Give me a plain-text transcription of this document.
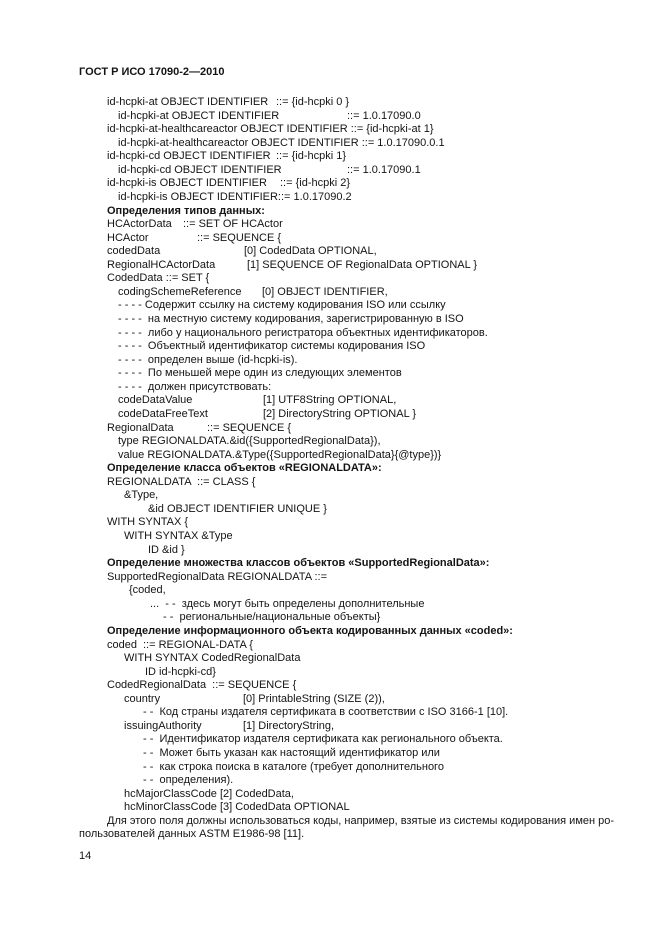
ГОСТ Р ИСО 17090-2—2010
id-hcpki-at OBJECT IDENTIFIER ::= {id-hcpki 0 }
id-hcpki-at OBJECT IDENTIFIER	::= 1.0.17090.0
id-hcpki-at-healthcareactor OBJECT IDENTIFIER ::= {id-hcpki-at 1}
id-hcpki-at-healthcareactor OBJECT IDENTIFIER ::= 1.0.17090.0.1
id-hcpki-cd OBJECT IDENTIFIER ::= {id-hcpki 1}
id-hcpki-cd OBJECT IDENTIFIER	::= 1.0.17090.1
id-hcpki-is OBJECT IDENTIFIER ::= {id-hcpki 2}
id-hcpki-is OBJECT IDENTIFIER::= 1.0.17090.2
Определения типов данных:
HCActorData ::= SET OF HCActor
HCActor	::= SEQUENCE {
codedData	[0] CodedData OPTIONAL,
RegionalHCActorData	[1] SEQUENCE OF RegionalData OPTIONAL }
CodedData ::= SET {
codingSchemeReference [0] OBJECT IDENTIFIER,
- - - - Содержит ссылку на систему кодирования ISO или ссылку
- - - -  на местную систему кодирования, зарегистрированную в ISO
- - - -  либо у национального регистратора объектных идентификаторов.
- - - -  Объектный идентификатор системы кодирования ISO
- - - -  определен выше (id-hcpki-is).
- - - -  По меньшей мере один из следующих элементов
- - - -  должен присутствовать:
codeDataValue	[1] UTF8String OPTIONAL,
codeDataFreeText	[2] DirectoryString OPTIONAL }
RegionalData	::= SEQUENCE {
type REGIONALDATA.&id({SupportedRegionalData}),
value REGIONALDATA.&Type({SupportedRegionalData}{@type})}
Определение класса объектов «REGIONALDATA»:
REGIONALDATA  ::= CLASS {
&Type,
&id OBJECT IDENTIFIER UNIQUE }
WITH SYNTAX {
WITH SYNTAX &Type
ID &id }
Определение множества классов объектов «SupportedRegionalData»:
SupportedRegionalData REGIONALDATA ::=
{coded,
...  - -  здесь могут быть определены дополнительные
- -  региональные/национальные объекты}
Определение информационного объекта кодированных данных «coded»:
coded ::= REGIONAL-DATA {
WITH SYNTAX CodedRegionalData
ID id-hcpki-cd}
CodedRegionalData  ::= SEQUENCE {
country	[0] PrintableString (SIZE (2)),
- -  Код страны издателя сертификата в соответствии с ISO 3166-1 [10].
issuingAuthority	[1] DirectoryString,
- -  Идентификатор издателя сертификата как регионального объекта.
- -  Может быть указан как настоящий идентификатор или
- -  как строка поиска в каталоге (требует дополнительного
- -  определения).
hcMajorClassCode [2] CodedData,
hcMinorClassCode [3] CodedData OPTIONAL
Для этого поля должны использоваться коды, например, взятые из системы кодирования имен ро-
пользователей данных ASTM E1986-98 [11].
14
